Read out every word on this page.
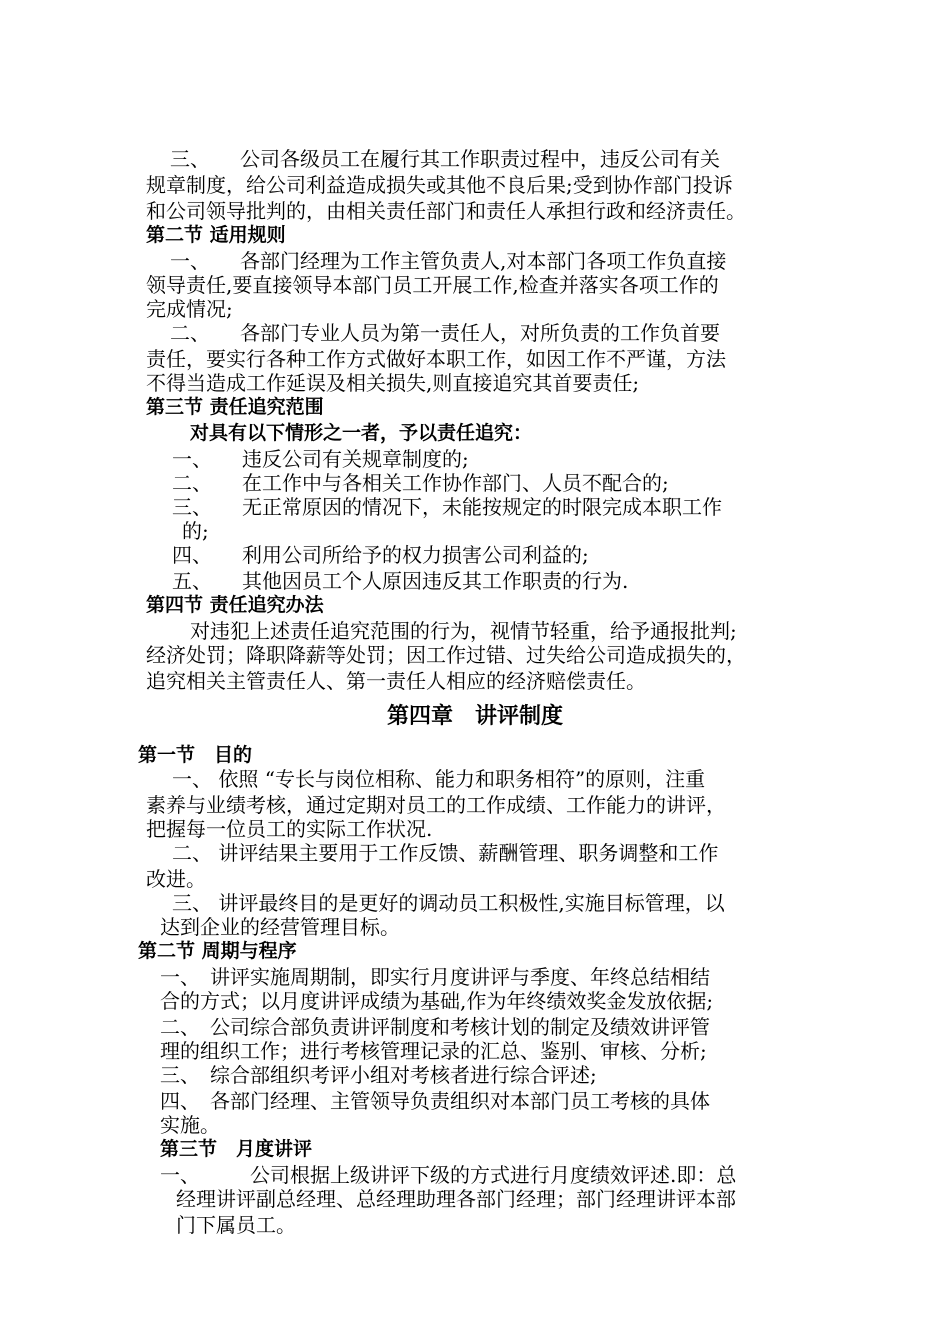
三、　　公司各级员工在履行其工作职责过程中，违反公司有关
规章制度，给公司利益造成损失或其他不良后果;受到协作部门投诉
和公司领导批判的，由相关责任部门和责任人承担行政和经济责任。
第二节 适用规则
一、　　各部门经理为工作主管负责人,对本部门各项工作负直接
领导责任,要直接领导本部门员工开展工作,检查并落实各项工作的
完成情况;
二、　　各部门专业人员为第一责任人，对所负责的工作负首要
责任，要实行各种工作方式做好本职工作，如因工作不严谨，方法
不得当造成工作延误及相关损失,则直接追究其首要责任;
第三节 责任追究范围
对具有以下情形之一者，予以责任追究：
一、　　违反公司有关规章制度的;
二、　　在工作中与各相关工作协作部门、人员不配合的;
三、　　无正常原因的情况下，未能按规定的时限完成本职工作
的;
四、　　利用公司所给予的权力损害公司利益的;
五、　　其他因员工个人原因违反其工作职责的行为.
第四节 责任追究办法
对违犯上述责任追究范围的行为，视情节轻重，给予通报批判;
经济处罚；降职降薪等处罚；因工作过错、过失给公司造成损失的，
追究相关主管责任人、第一责任人相应的经济赔偿责任。
第四章　讲评制度
第一节　目的
一、 依照 “专长与岗位相称、能力和职务相符”的原则，注重
素养与业绩考核，通过定期对员工的工作成绩、工作能力的讲评，
把握每一位员工的实际工作状况.
二、 讲评结果主要用于工作反馈、薪酬管理、职务调整和工作
改进。
三、 讲评最终目的是更好的调动员工积极性,实施目标管理，以
达到企业的经营管理目标。
第二节 周期与程序
一、　讲评实施周期制，即实行月度讲评与季度、年终总结相结
合的方式；以月度讲评成绩为基础,作为年终绩效奖金发放依据;
二、　公司综合部负责讲评制度和考核计划的制定及绩效讲评管
理的组织工作；进行考核管理记录的汇总、鉴别、审核、分析;
三、　综合部组织考评小组对考核者进行综合评述;
四、　各部门经理、主管领导负责组织对本部门员工考核的具体
实施。
第三节　月度讲评
一、　　　公司根据上级讲评下级的方式进行月度绩效评述.即：总
经理讲评副总经理、总经理助理各部门经理；部门经理讲评本部
门下属员工。
